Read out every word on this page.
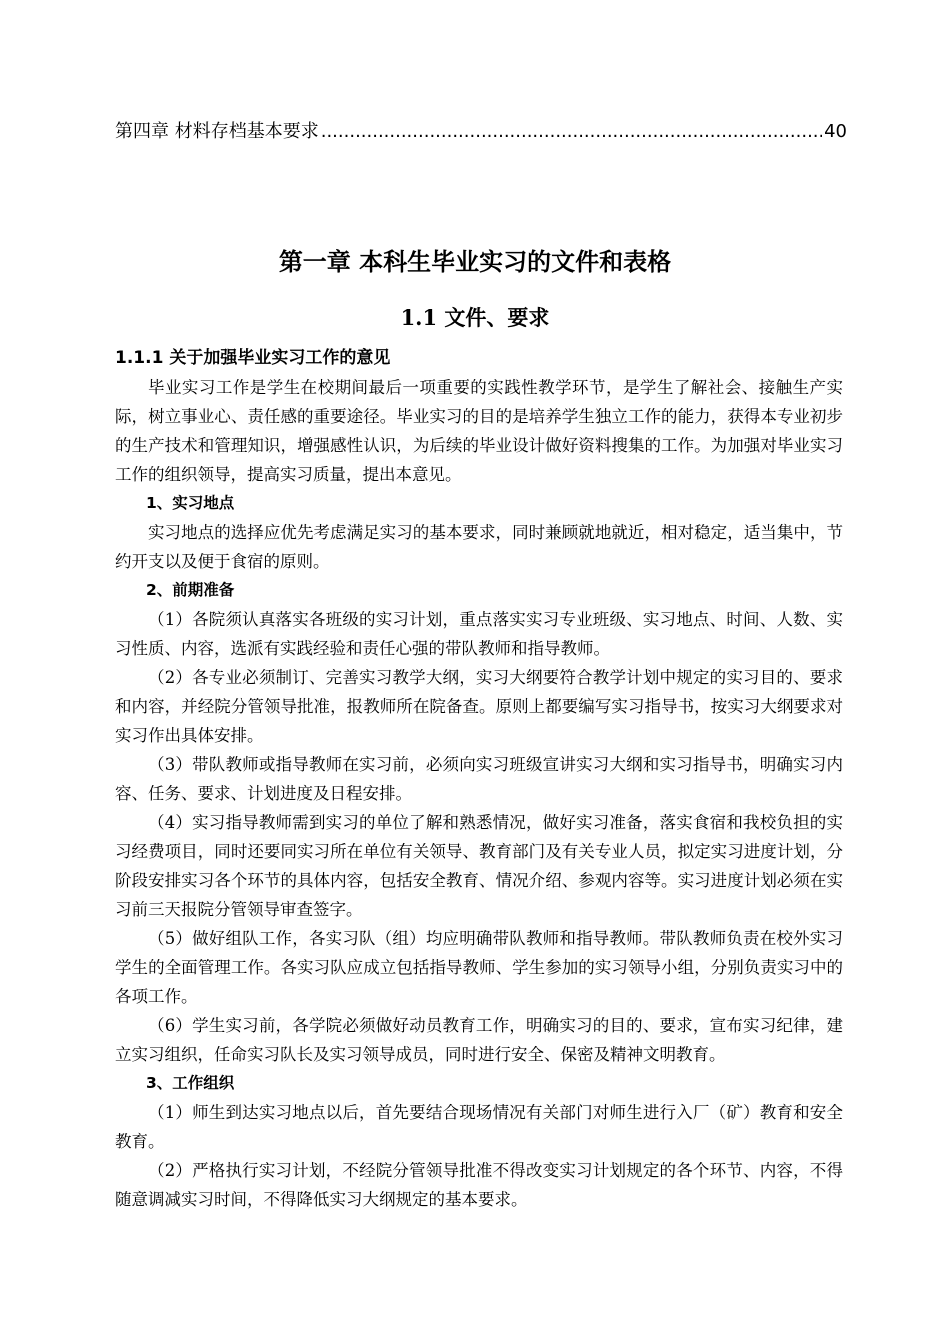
第四章 材料存档基本要求
.....	40
第一章 本科生毕业实习的文件和表格
1.1 文件、要求

1.1.1 关于加强毕业实习工作的意见

毕业实习工作是学生在校期间最后一项重要的实践性教学环节，是学生了解社会、接触生产实际，树立事业心、责任感的重要途径。毕业实习的目的是培养学生独立工作的能力，获得本专业初步的生产技术和管理知识，增强感性认识，为后续的毕业设计做好资料搜集的工作。为加强对毕业实习工作的组织领导，提高实习质量，提出本意见。

1、实习地点

实习地点的选择应优先考虑满足实习的基本要求，同时兼顾就地就近，相对稳定，适当集中，节约开支以及便于食宿的原则。

2、前期准备

（1）各院须认真落实各班级的实习计划，重点落实实习专业班级、实习地点、时间、人数、实习性质、内容，选派有实践经验和责任心强的带队教师和指导教师。

（2）各专业必须制订、完善实习教学大纲，实习大纲要符合教学计划中规定的实习目的、要求和内容，并经院分管领导批准，报教师所在院备查。原则上都要编写实习指导书，按实习大纲要求对实习作出具体安排。

（3）带队教师或指导教师在实习前，必须向实习班级宣讲实习大纲和实习指导书，明确实习内容、任务、要求、计划进度及日程安排。

（4）实习指导教师需到实习的单位了解和熟悉情况，做好实习准备，落实食宿和我校负担的实习经费项目，同时还要同实习所在单位有关领导、教育部门及有关专业人员，拟定实习进度计划，分阶段安排实习各个环节的具体内容，包括安全教育、情况介绍、参观内容等。实习进度计划必须在实习前三天报院分管领导审查签字。

（5）做好组队工作，各实习队（组）均应明确带队教师和指导教师。带队教师负责在校外实习学生的全面管理工作。各实习队应成立包括指导教师、学生参加的实习领导小组，分别负责实习中的各项工作。

（6）学生实习前，各学院必须做好动员教育工作，明确实习的目的、要求，宣布实习纪律，建立实习组织，任命实习队长及实习领导成员，同时进行安全、保密及精神文明教育。

3、工作组织

（1）师生到达实习地点以后，首先要结合现场情况有关部门对师生进行入厂（矿）教育和安全教育。

（2）严格执行实习计划，不经院分管领导批准不得改变实习计划规定的各个环节、内容，不得随意调减实习时间，不得降低实习大纲规定的基本要求。
